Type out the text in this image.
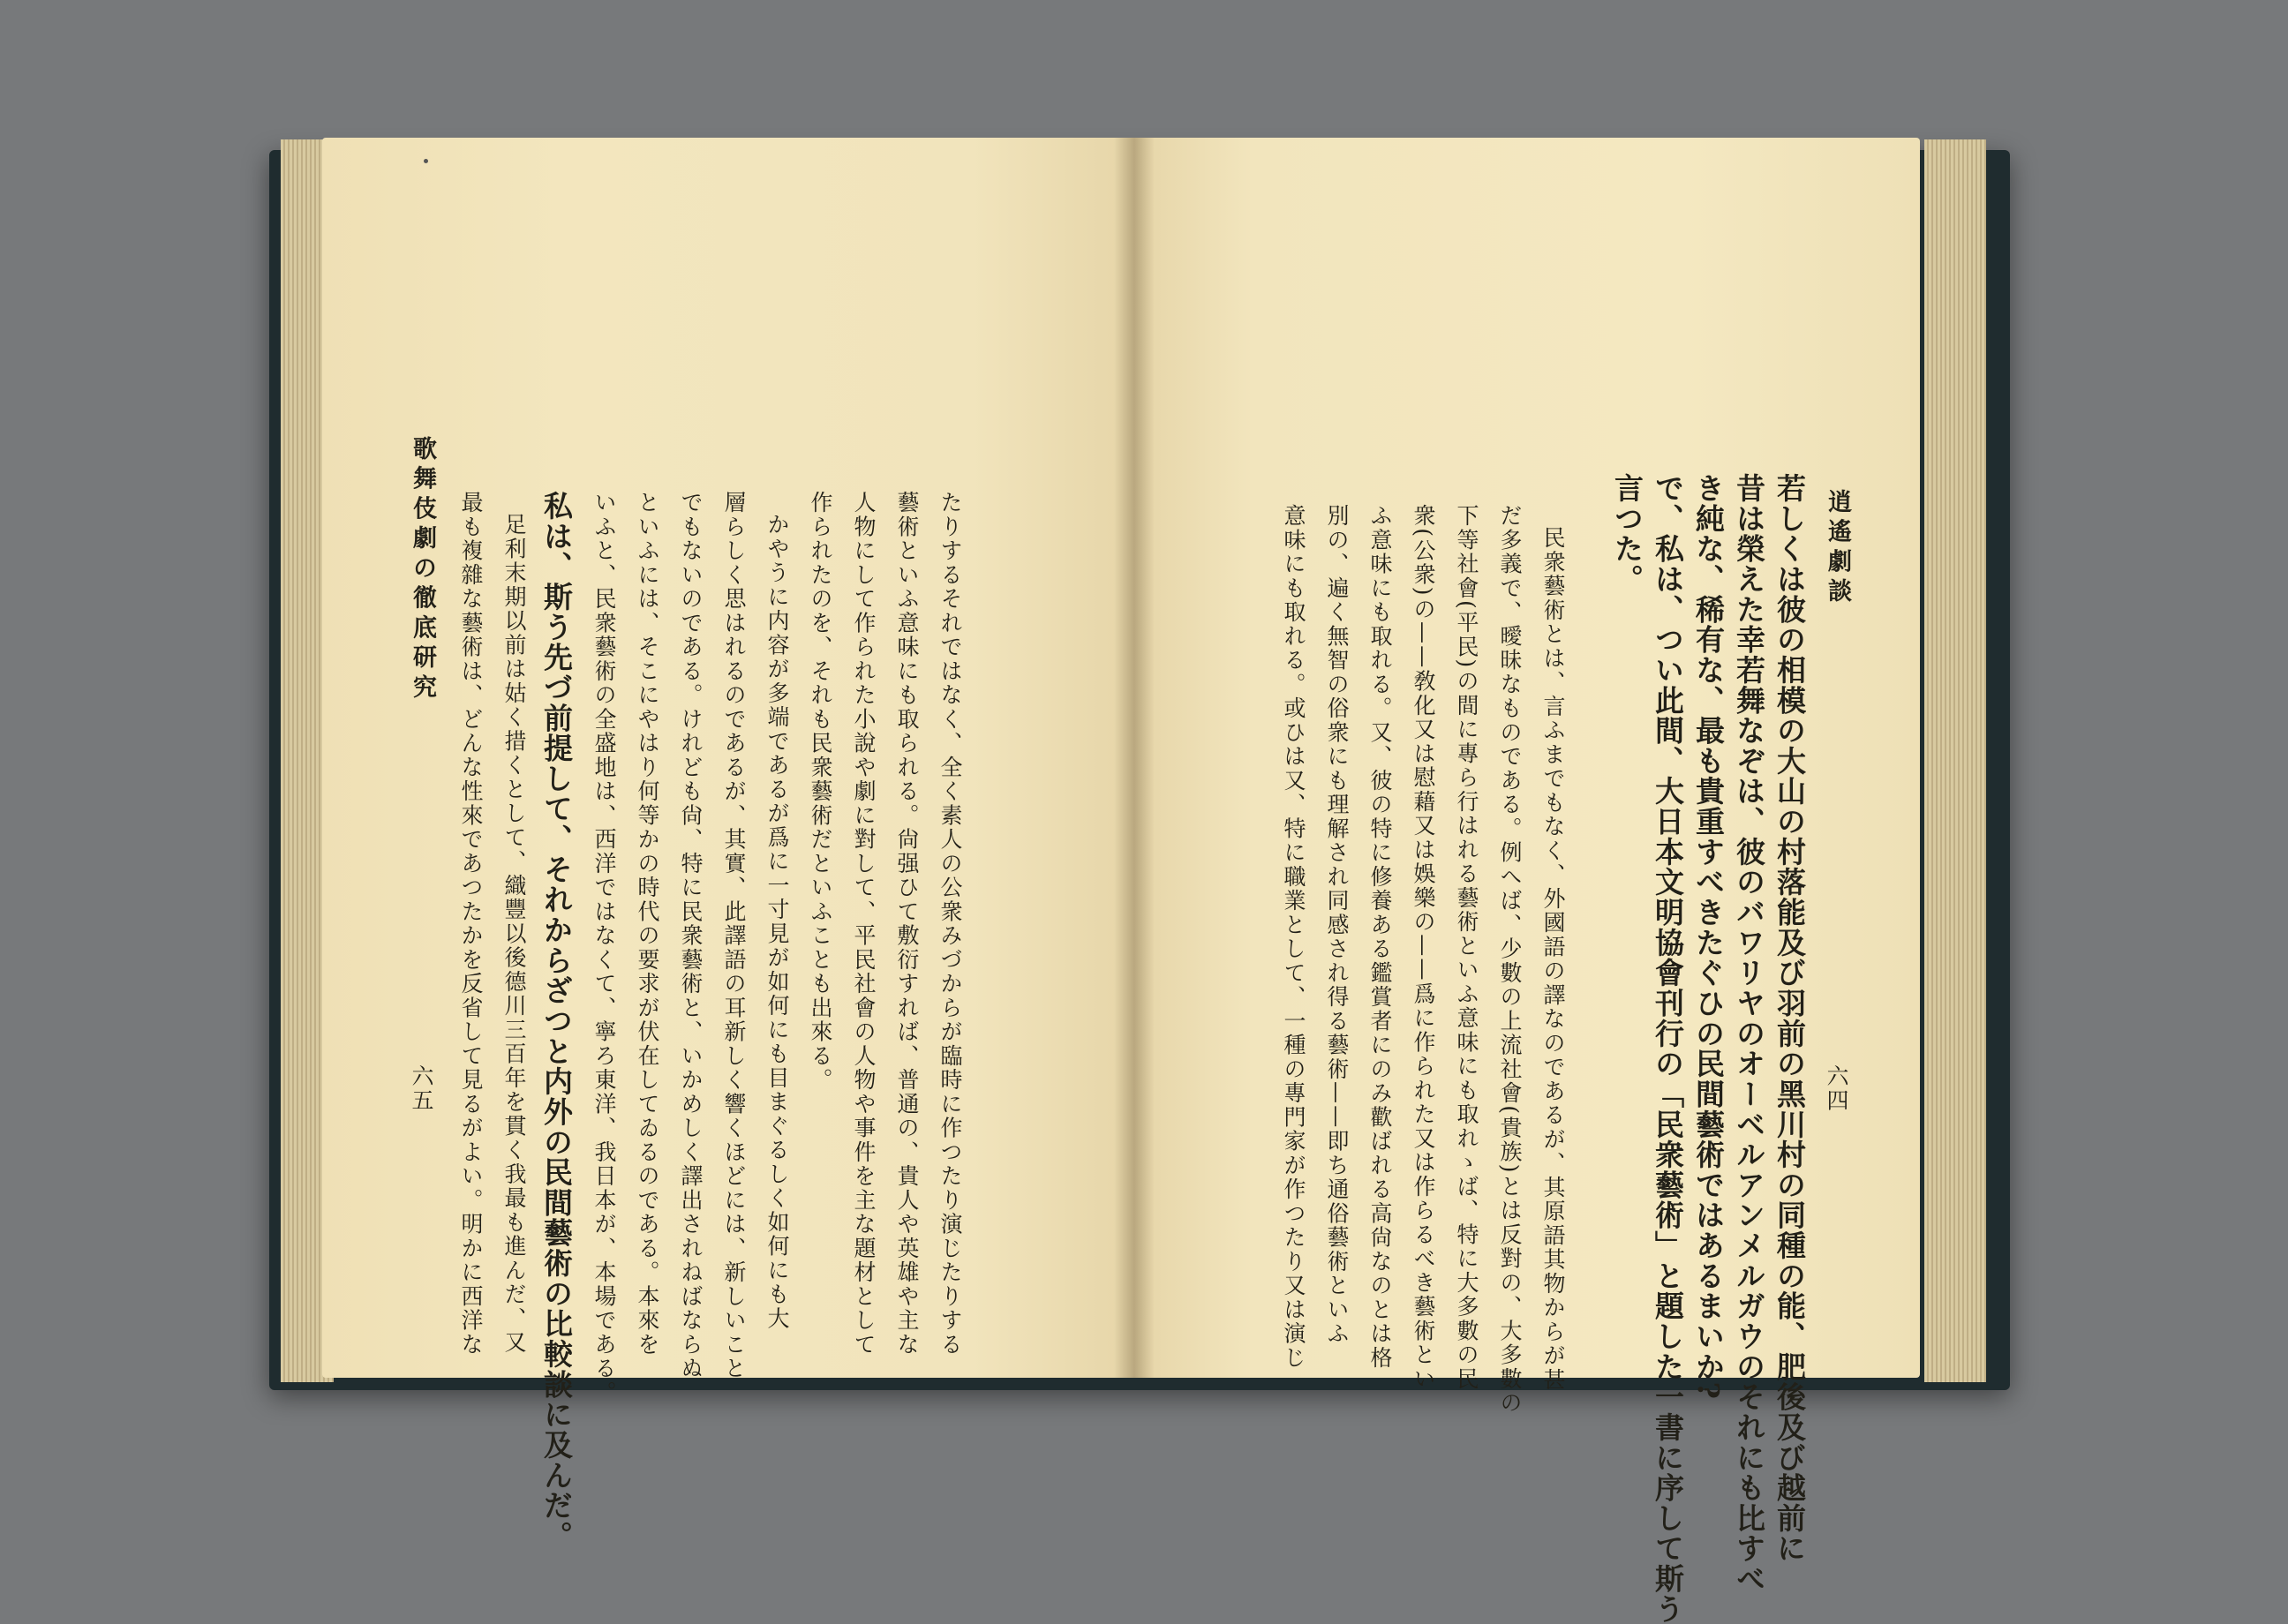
歌舞伎劇の徹底研究
六五 最も複雜な藝術は、どんな性來であつたかを反省して見るがよい。明かに西洋な 足利末期以前は姑く措くとして、織豐以後德川三百年を貫く我最も進んだ、又 私は、斯う先づ前提して、それからざつと内外の民間藝術の比較談に及んだ。 いふと、民衆藝術の全盛地は、西洋ではなくて、寧ろ東洋、我日本が、本場である。 といふには、そこにやはり何等かの時代の要求が伏在してゐるのである。本來を でもないのである。けれども尙、特に民衆藝術と、いかめしく譯出されねばならぬ 層らしく思はれるのであるが、其實、此譯語の耳新しく響くほどには、新しいこと かやうに内容が多端であるが爲に一寸見が如何にも目まぐるしく如何にも大 作られたのを、それも民衆藝術だといふことも出來る。 人物にして作られた小說や劇に對して、平民社會の人物や事件を主な題材として 藝術といふ意味にも取られる。尙强ひて敷衍すれば、普通の、貴人や英雄や主な たりするそれではなく、全く素人の公衆みづからが臨時に作つたり演じたりする	逍遙劇談
六四
若しくは彼の相模の大山の村落能及び羽前の黑川村の同種の能、肥後及び越前に
昔は榮えた幸若舞なぞは、彼のバワリヤのオーベルアンメルガウのそれにも比すべ
き純な、稀有な、最も貴重すべきたぐひの民間藝術ではあるまいか?
で、私は、つい此間、大日本文明協會刊行の「民衆藝術」と題した一書に序して斯う
言つた。
民衆藝術とは、言ふまでもなく、外國語の譯なのであるが、其原語其物からが甚
だ多義で、曖昧なものである。例へば、少數の上流社會(貴族)とは反對の、大多數の
下等社會(平民)の間に專ら行はれる藝術といふ意味にも取れゝば、特に大多數の民
衆(公衆)の——敎化又は慰藉又は娛樂の——爲に作られた又は作らるべき藝術とい
ふ意味にも取れる。又、彼の特に修養ある鑑賞者にのみ歡ばれる高尙なのとは格
別の、遍く無智の俗衆にも理解され同感され得る藝術——即ち通俗藝術といふ
意味にも取れる。或ひは又、特に職業として、一種の專門家が作つたり又は演じ
